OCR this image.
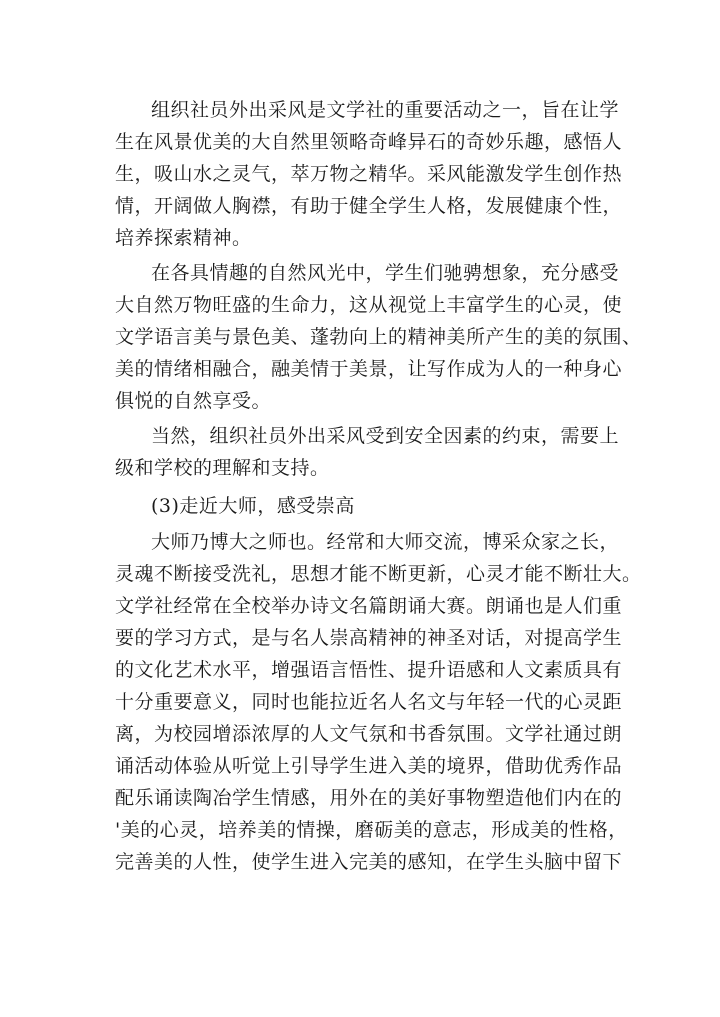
组织社员外出采风是文学社的重要活动之一，旨在让学
生在风景优美的大自然里领略奇峰异石的奇妙乐趣，感悟人
生，吸山水之灵气，萃万物之精华。采风能激发学生创作热
情，开阔做人胸襟，有助于健全学生人格，发展健康个性，
培养探索精神。
在各具情趣的自然风光中，学生们驰骋想象，充分感受
大自然万物旺盛的生命力，这从视觉上丰富学生的心灵，使
文学语言美与景色美、蓬勃向上的精神美所产生的美的氛围、
美的情绪相融合，融美情于美景，让写作成为人的一种身心
俱悦的自然享受。
当然，组织社员外出采风受到安全因素的约束，需要上
级和学校的理解和支持。
(3)走近大师，感受崇高
大师乃博大之师也。经常和大师交流，博采众家之长，
灵魂不断接受洗礼，思想才能不断更新，心灵才能不断壮大。
文学社经常在全校举办诗文名篇朗诵大赛。朗诵也是人们重
要的学习方式，是与名人崇高精神的神圣对话，对提高学生
的文化艺术水平，增强语言悟性、提升语感和人文素质具有
十分重要意义，同时也能拉近名人名文与年轻一代的心灵距
离，为校园增添浓厚的人文气氛和书香氛围。文学社通过朗
诵活动体验从听觉上引导学生进入美的境界，借助优秀作品
配乐诵读陶冶学生情感，用外在的美好事物塑造他们内在的
'美的心灵，培养美的情操，磨砺美的意志，形成美的性格，
完善美的人性，使学生进入完美的感知，在学生头脑中留下
